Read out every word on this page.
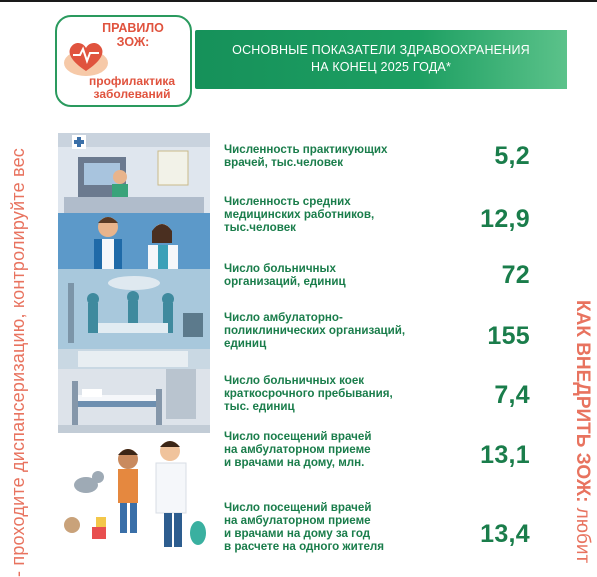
- проходите диспансеризацию, контролируйте вес	КАК ВНЕДРИТЬ ЗОЖ: любит
ПРАВИЛО
ЗОЖ:
профилактика
заболеваний
ОСНОВНЫЕ ПОКАЗАТЕЛИ ЗДРАВООХРАНЕНИЯ
НА КОНЕЦ 2025 ГОДА*
Численность практикующих
врачей, тыс.человек	5,2
Численность средних
медицинских работников,
тыс.человек	12,9
Число больничных
организаций, единиц	72
Число амбулаторно-
поликлинических организаций,
единиц	155
Число больничных коек
краткосрочного пребывания,
тыс. единиц	7,4
Число посещений врачей
на амбулаторном приеме
и врачами на дому, млн.	13,1
Число посещений врачей
на амбулаторном приеме
и врачами на дому за год
в расчете на одного жителя	13,4
